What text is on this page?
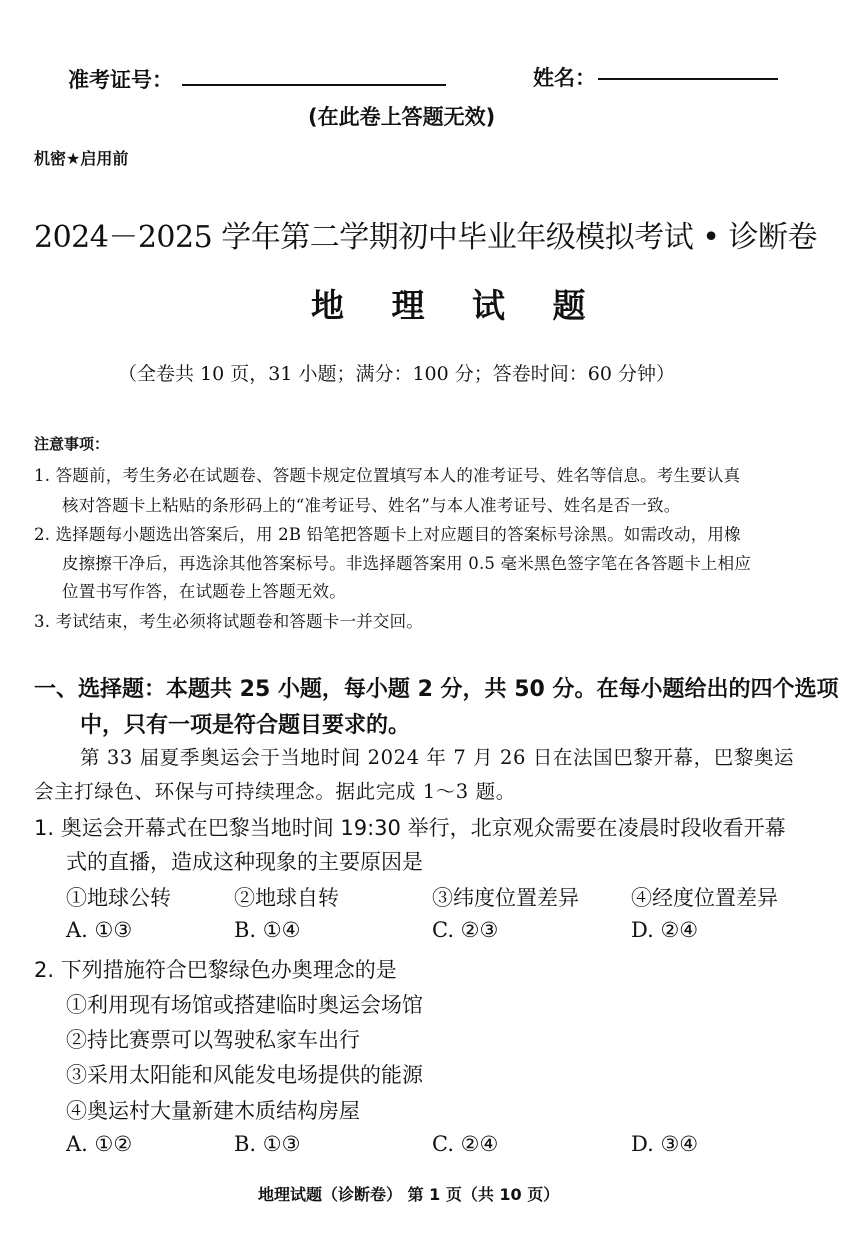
准考证号：	姓名：
(在此卷上答题无效)
机密★启用前
2024－2025 学年第二学期初中毕业年级模拟考试 • 诊断卷
地 理 试 题
（全卷共 10 页，31 小题；满分：100 分；答卷时间：60 分钟）
注意事项：
1. 答题前，考生务必在试题卷、答题卡规定位置填写本人的准考证号、姓名等信息。考生要认真
核对答题卡上粘贴的条形码上的“准考证号、姓名”与本人准考证号、姓名是否一致。
2. 选择题每小题选出答案后，用 2B 铅笔把答题卡上对应题目的答案标号涂黑。如需改动，用橡
皮擦擦干净后，再选涂其他答案标号。非选择题答案用 0.5 毫米黑色签字笔在各答题卡上相应
位置书写作答，在试题卷上答题无效。
3. 考试结束，考生必须将试题卷和答题卡一并交回。
一、选择题：本题共 25 小题，每小题 2 分，共 50 分。在每小题给出的四个选项
中，只有一项是符合题目要求的。
第 33 届夏季奥运会于当地时间 2024 年 7 月 26 日在法国巴黎开幕，巴黎奥运
会主打绿色、环保与可持续理念。据此完成 1～3 题。
1. 奥运会开幕式在巴黎当地时间 19:30 举行，北京观众需要在凌晨时段收看开幕
式的直播，造成这种现象的主要原因是
①地球公转	②地球自转	③纬度位置差异 ④经度位置差异
A. ①③	B. ①④	C. ②③	D. ②④
2. 下列措施符合巴黎绿色办奥理念的是
①利用现有场馆或搭建临时奥运会场馆
②持比赛票可以驾驶私家车出行
③采用太阳能和风能发电场提供的能源
④奥运村大量新建木质结构房屋
A. ①②	B. ①③	C. ②④	D. ③④
地理试题（诊断卷） 第 1 页（共 10 页）
